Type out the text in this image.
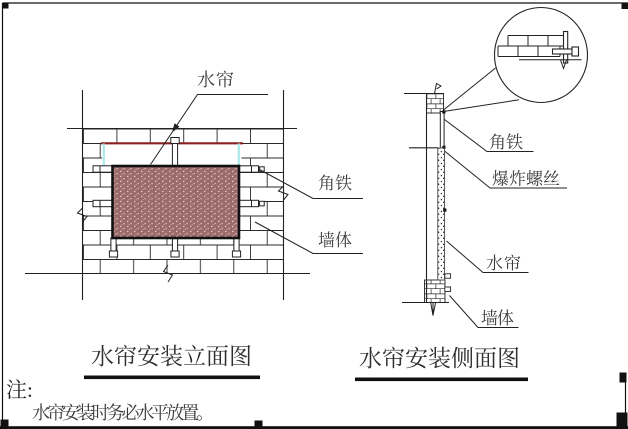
水帘
角铁
墙体
角铁
爆炸螺丝
水帘
墙体
水帘安装立面图	水帘安装侧面图
注:
水帘安装时务必水平放置。
